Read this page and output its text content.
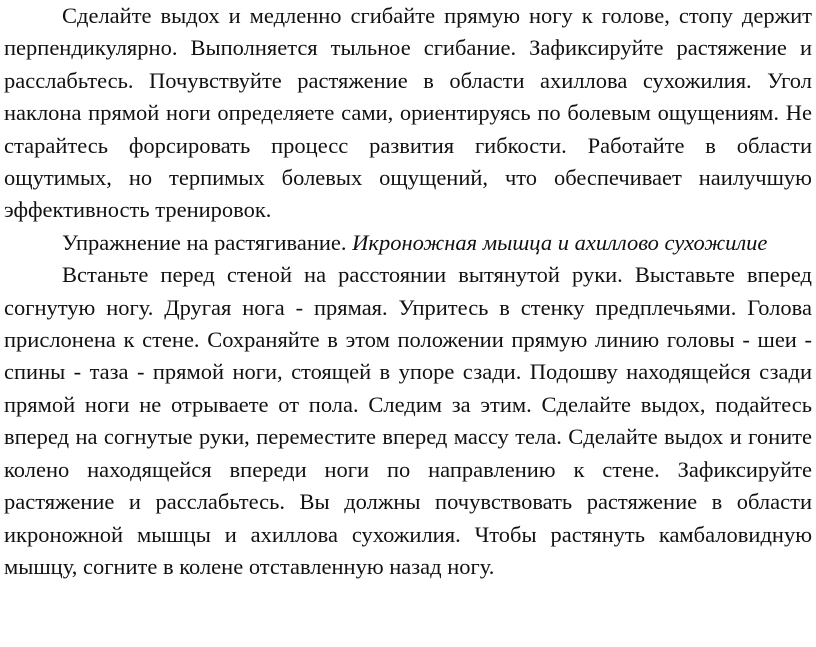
Сделайте выдох и медленно сгибайте прямую ногу к голове, стопу держит перпендикулярно. Выполняется тыльное сгибание. Зафиксируйте растяжение и расслабьтесь. Почувствуйте растяжение в области ахиллова сухожилия. Угол наклона прямой ноги определяете сами, ориентируясь по болевым ощущениям. Не старайтесь форсировать процесс развития гибкости. Работайте в области ощутимых, но терпимых болевых ощущений, что обеспечивает наилучшую эффективность тренировок.

Упражнение на растягивание. Икроножная мышца и ахиллово сухожилие

Встаньте перед стеной на расстоянии вытянутой руки. Выставьте вперед согнутую ногу. Другая нога - прямая. Упритесь в стенку предплечьями. Голова прислонена к стене. Сохраняйте в этом положении прямую линию головы - шеи - спины - таза - прямой ноги, стоящей в упоре сзади. Подошву находящейся сзади прямой ноги не отрываете от пола. Следим за этим. Сделайте выдох, подайтесь вперед на согнутые руки, переместите вперед массу тела. Сделайте выдох и гоните колено находящейся впереди ноги по направлению к стене. Зафиксируйте растяжение и расслабьтесь. Вы должны почувствовать растяжение в области икроножной мышцы и ахиллова сухожилия. Чтобы растянуть камбаловидную мышцу, согните в колене отставленную назад ногу.
